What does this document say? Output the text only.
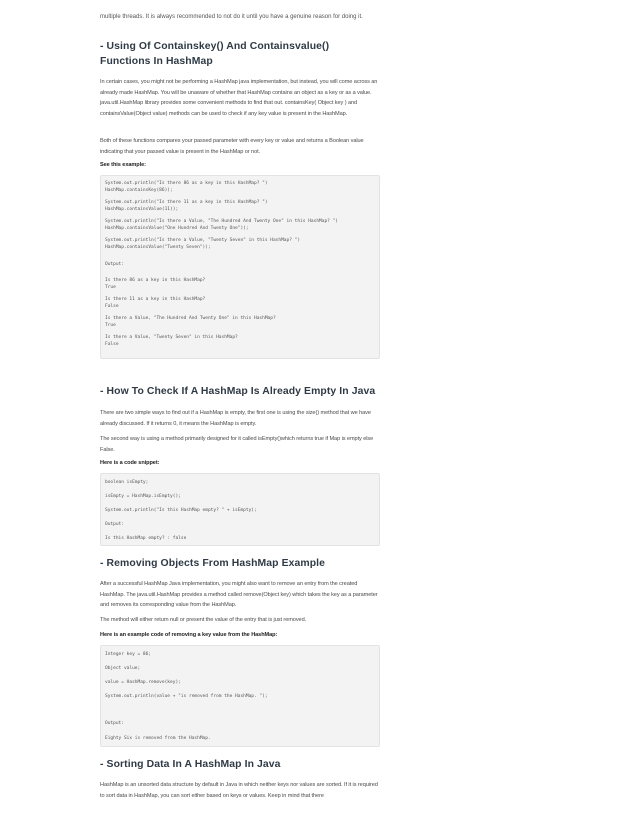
multiple threads. It is always recommended to not do it until you have a genuine reason for doing it.
- Using Of Containskey() And Containsvalue() Functions In HashMap

In certain cases, you might not be performing a HashMap java implementation, but instead, you will come across an already made HashMap. You will be unaware of whether that HashMap contains an object as a key or as a value. java.util.HashMap library provides some convenient methods to find that out. containsKey( Object key ) and containsValue(Object value) methods can be used to check if any key value is present in the HashMap.

Both of these functions compares your passed parameter with every key or value and returns a Boolean value indicating that your passed value is present in the HashMap or not.

See this example:

System.out.println("Is there 86 as a key in this HashMap? ")
HashMap.containsKey(86));
System.out.println("Is there 11 as a key in this HashMap? ")
HashMap.containsValue(11));
System.out.println("Is there a Value, "The Hundred And Twenty One" in this HashMap? ")
HashMap.containsValue("One Hundred And Twenty One"));
System.out.println("Is there a Value, "Twenty Seven" in this HashMap? ")
HashMap.containsValue("Twenty Seven"));
Output:
Is there 86 as a key in this HashMap?
True
Is there 11 as a key in this HashMap?
False
Is there a Value, "The Hundred And Twenty One" in this HashMap?
True
Is there a Value, "Twenty Seven" in this HashMap?
False
- How To Check If A HashMap Is Already Empty In Java

There are two simple ways to find out if a HashMap is empty, the first one is using the size() method that we have already discussed. If it returns 0, it means the HashMap is empty.

The second way is using a method primarily designed for it called isEmpty()which returns true if Map is empty else False.

Here is a code snippet:

boolean isEmpty;
isEmpty = HashMap.isEmpty();
System.out.println("Is this HashMap empty? " + isEmpty);
Output:
Is this HashMap empty? : false
- Removing Objects From HashMap Example

After a successful HashMap Java implementation, you might also want to remove an entry from the created HashMap. The java.util.HashMap provides a method called remove(Object key) which takes the key as a parameter and removes its corresponding value from the HashMap.

The method will either return null or present the value of the entry that is just removed.

Here is an example code of removing a key value from the HashMap:

Integer key = 86;
Object value;
value = HashMap.remove(key);
System.out.println(value + "is removed from the HashMap. ");
Output:
Eighty Six is removed from the HashMap.
- Sorting Data In A HashMap In Java

HashMap is an unsorted data structure by default in Java in which neither keys nor values are sorted. If it is required to sort data in HashMap, you can sort either based on keys or values. Keep in mind that there
